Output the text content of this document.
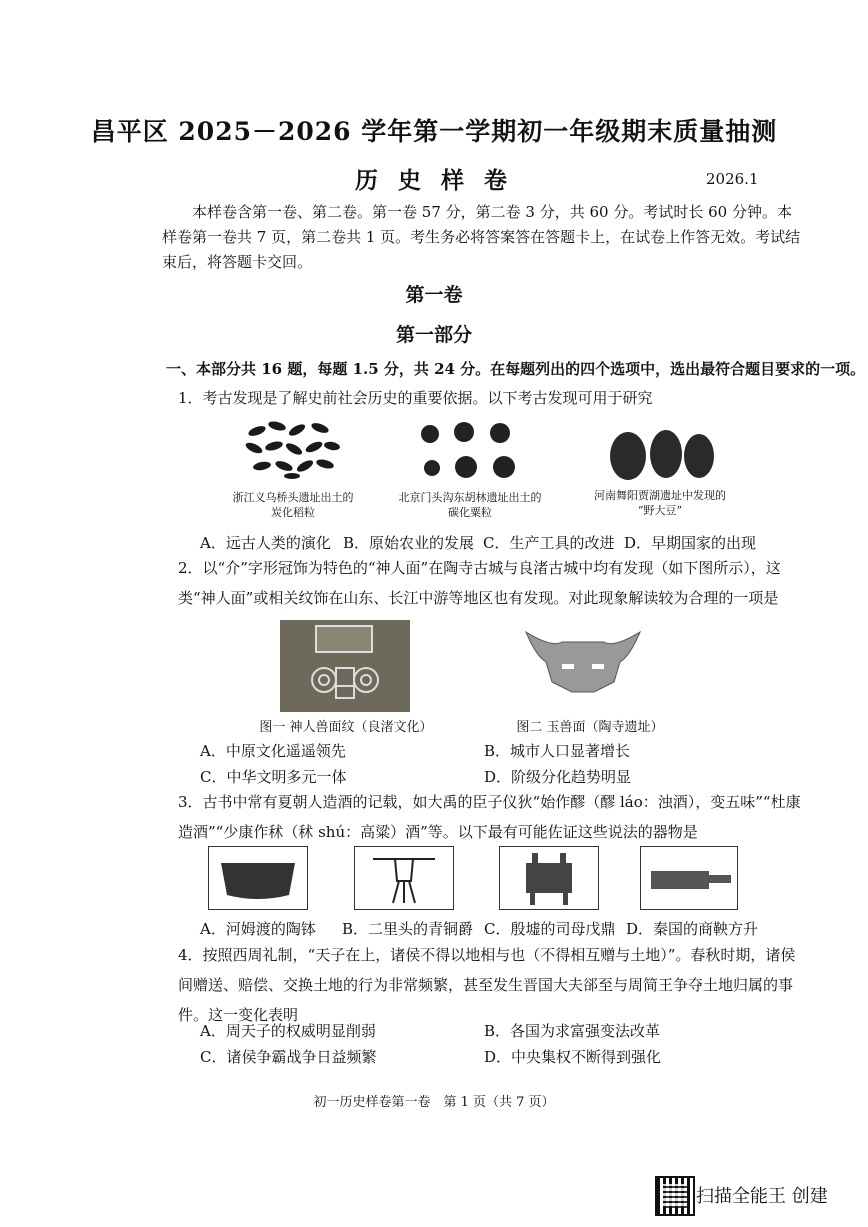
昌平区 2025－2026 学年第一学期初一年级期末质量抽测
历 史 样 卷	2026.1
本样卷含第一卷、第二卷。第一卷 57 分，第二卷 3 分，共 60 分。考试时长 60 分钟。本样卷第一卷共 7 页，第二卷共 1 页。考生务必将答案答在答题卡上，在试卷上作答无效。考试结束后，将答题卡交回。
第一卷
第一部分
一、本部分共 16 题，每题 1.5 分，共 24 分。在每题列出的四个选项中，选出最符合题目要求的一项。
1．考古发现是了解史前社会历史的重要依据。以下考古发现可用于研究
浙江义乌桥头遗址出土的
炭化稻粒
北京门头沟东胡林遗址出土的
碳化粟粒
河南舞阳贾湖遗址中发现的
“野大豆”
A．远古人类的演化 B．原始农业的发展 C．生产工具的改进 D．早期国家的出现
2．以“介”字形冠饰为特色的“神人面”在陶寺古城与良渚古城中均有发现（如下图所示），这类“神人面”或相关纹饰在山东、长江中游等地区也有发现。对此现象解读较为合理的一项是
图一 神人兽面纹（良渚文化）	图二 玉兽面（陶寺遗址）
A．中原文化遥遥领先	B．城市人口显著增长
C．中华文明多元一体	D．阶级分化趋势明显
3．古书中常有夏朝人造酒的记载，如大禹的臣子仪狄“始作醪（醪 láo：浊酒），变五味”“杜康造酒”“少康作秫（秫 shú：高粱）酒”等。以下最有可能佐证这些说法的器物是
A．河姆渡的陶钵 B．二里头的青铜爵 C．殷墟的司母戊鼎 D．秦国的商鞅方升
4．按照西周礼制，“天子在上，诸侯不得以地相与也（不得相互赠与土地）”。春秋时期，诸侯间赠送、赔偿、交换土地的行为非常频繁，甚至发生晋国大夫郤至与周简王争夺土地归属的事件。这一变化表明
A．周天子的权威明显削弱	B．各国为求富强变法改革
C．诸侯争霸战争日益频繁	D．中央集权不断得到强化
初一历史样卷第一卷　第 1 页（共 7 页）
扫描全能王 创建
